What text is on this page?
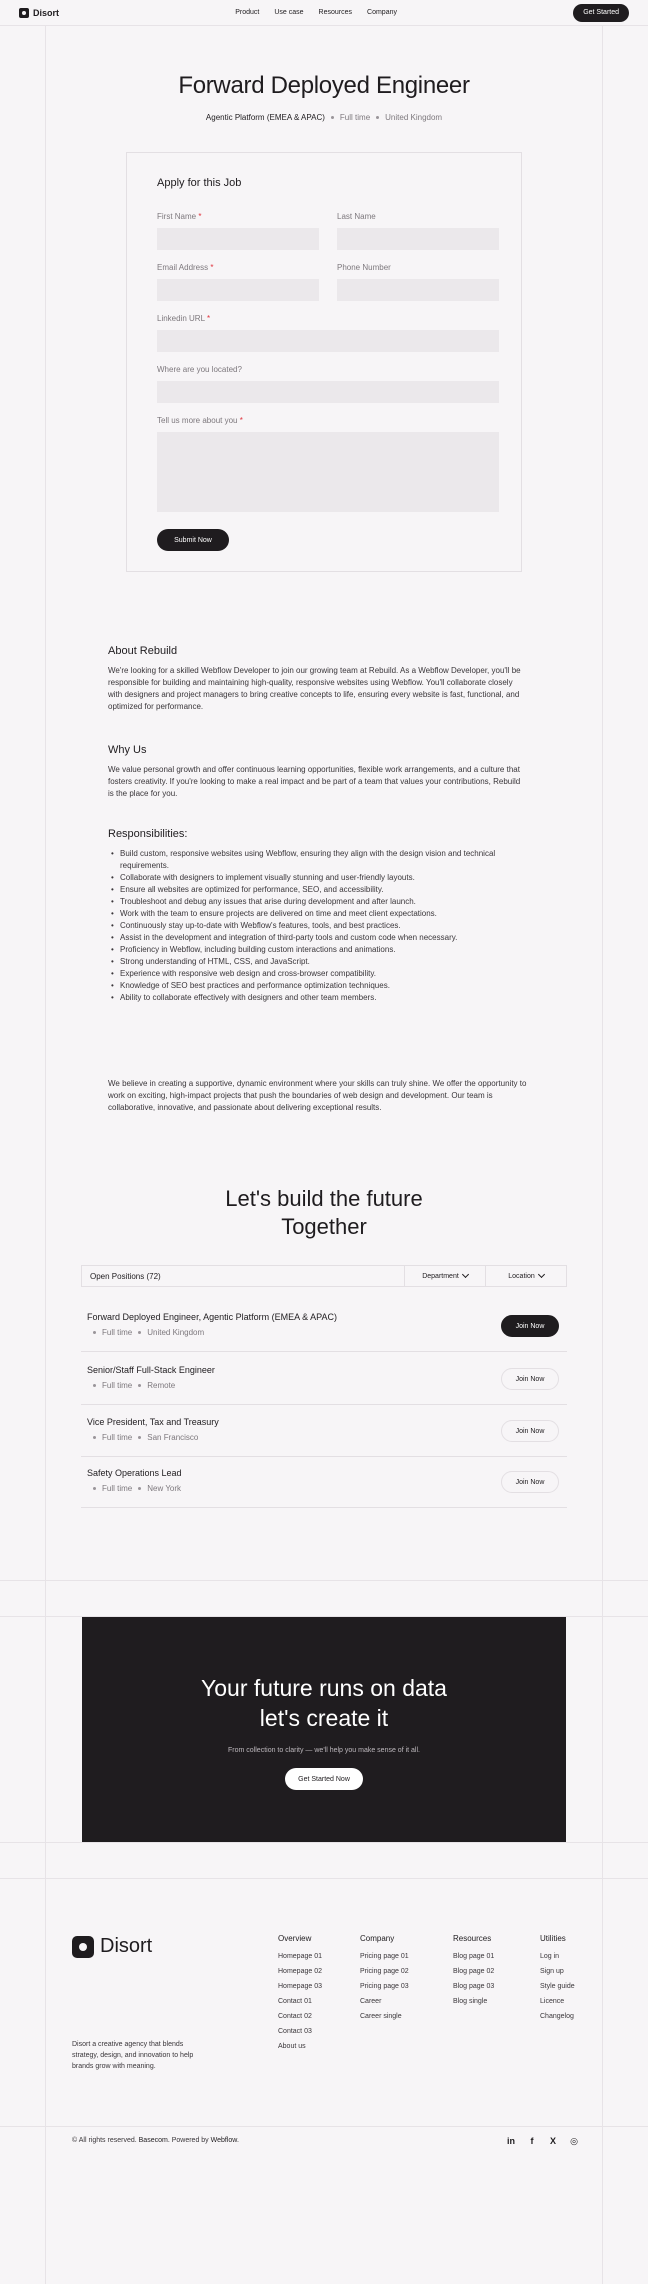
Disort	Product Use case Resources Company	Get Started
Forward Deployed Engineer
Agentic Platform (EMEA & APAC) Full time United Kingdom
Apply for this Job
First Name *	Last Name
Email Address *	Phone Number
Linkedin URL *
Where are you located?
Tell us more about you *
Submit Now
About Rebuild

We're looking for a skilled Webflow Developer to join our growing team at Rebuild. As a Webflow Developer, you'll be responsible for building and maintaining high-quality, responsive websites using Webflow. You'll collaborate closely with designers and project managers to bring creative concepts to life, ensuring every website is fast, functional, and optimized for performance.

Why Us

We value personal growth and offer continuous learning opportunities, flexible work arrangements, and a culture that fosters creativity. If you're looking to make a real impact and be part of a team that values your contributions, Rebuild is the place for you.

Responsibilities:
• Build custom, responsive websites using Webflow, ensuring they align with the design vision and technical requirements.
• Collaborate with designers to implement visually stunning and user-friendly layouts.
• Ensure all websites are optimized for performance, SEO, and accessibility.
• Troubleshoot and debug any issues that arise during development and after launch.
• Work with the team to ensure projects are delivered on time and meet client expectations.
• Continuously stay up-to-date with Webflow's features, tools, and best practices.
• Assist in the development and integration of third-party tools and custom code when necessary.
• Proficiency in Webflow, including building custom interactions and animations.
• Strong understanding of HTML, CSS, and JavaScript.
• Experience with responsive web design and cross-browser compatibility.
• Knowledge of SEO best practices and performance optimization techniques.
• Ability to collaborate effectively with designers and other team members.

We believe in creating a supportive, dynamic environment where your skills can truly shine. We offer the opportunity to work on exciting, high-impact projects that push the boundaries of web design and development. Our team is collaborative, innovative, and passionate about delivering exceptional results.

Let's build the future
Together
Open Positions (72)	Department	Location
Forward Deployed Engineer, Agentic Platform (EMEA & APAC)
Full time United Kingdom
Join Now
Senior/Staff Full-Stack Engineer
Full time Remote
Join Now
Vice President, Tax and Treasury
Full time San Francisco
Join Now
Safety Operations Lead
Full time New York
Join Now
Your future runs on data
let's create it

From collection to clarity — we'll help you make sense of it all.

Get Started Now
Disort
Disort a creative agency that blends strategy, design, and innovation to help brands grow with meaning.
Overview
Homepage 01
Homepage 02
Homepage 03
Contact 01
Contact 02
Contact 03
About us
Company
Pricing page 01
Pricing page 02
Pricing page 03
Career
Career single
Resources
Blog page 01
Blog page 02
Blog page 03
Blog single
Utilities
Log in
Sign up
Style guide
Licence
Changelog
© All rights reserved. Basecom. Powered by Webflow.	in	f	X ◎
